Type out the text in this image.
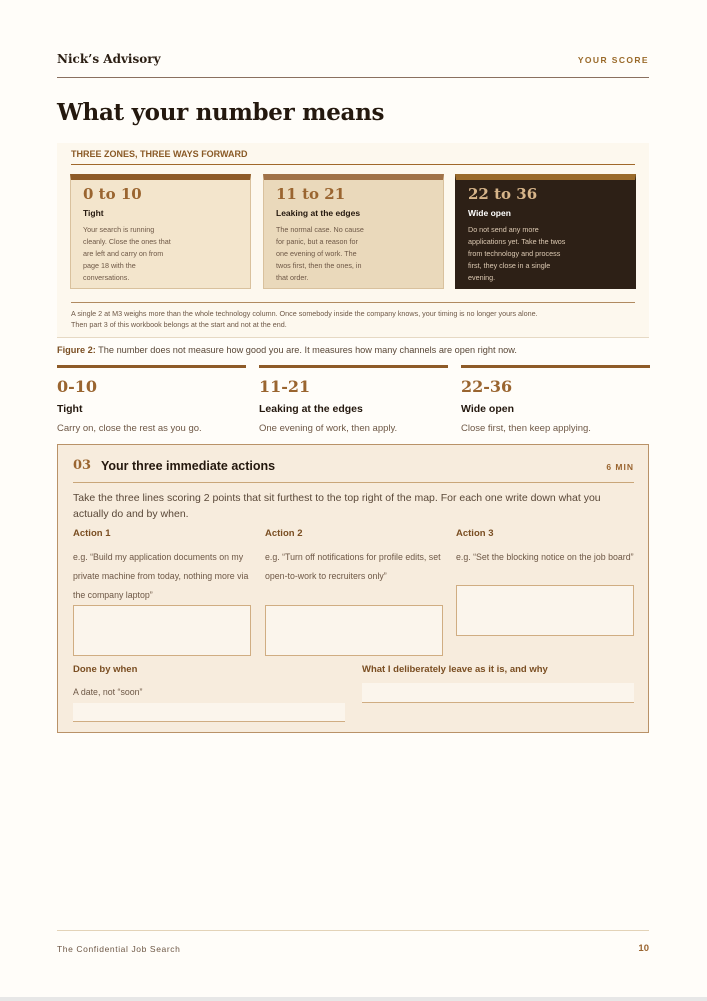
Nick’s Advisory	YOUR SCORE
What your number means
THREE ZONES, THREE WAYS FORWARD
0 to 10
Tight
Your search is running cleanly. Close the ones that are left and carry on from page 18 with the conversations.
11 to 21
Leaking at the edges
The normal case. No cause for panic, but a reason for one evening of work. The twos first, then the ones, in that order.
22 to 36
Wide open
Do not send any more applications yet. Take the twos from technology and process first, they close in a single evening.
A single 2 at M3 weighs more than the whole technology column. Once somebody inside the company knows, your timing is no longer yours alone. Then part 3 of this workbook belongs at the start and not at the end.
Figure 2: The number does not measure how good you are. It measures how many channels are open right now.
0-10
Tight
Carry on, close the rest as you go.
11-21
Leaking at the edges
One evening of work, then apply.
22-36
Wide open
Close first, then keep applying.
03 Your three immediate actions	6 MIN
Take the three lines scoring 2 points that sit furthest to the top right of the map. For each one write down what you actually do and by when.
Action 1
e.g. “Build my application documents on my private machine from today, nothing more via the company laptop”
Action 2
e.g. “Turn off notifications for profile edits, set open-to-work to recruiters only”
Action 3
e.g. “Set the blocking notice on the job board”
Done by when
A date, not “soon”
What I deliberately leave as it is, and why
The Confidential Job Search	10
